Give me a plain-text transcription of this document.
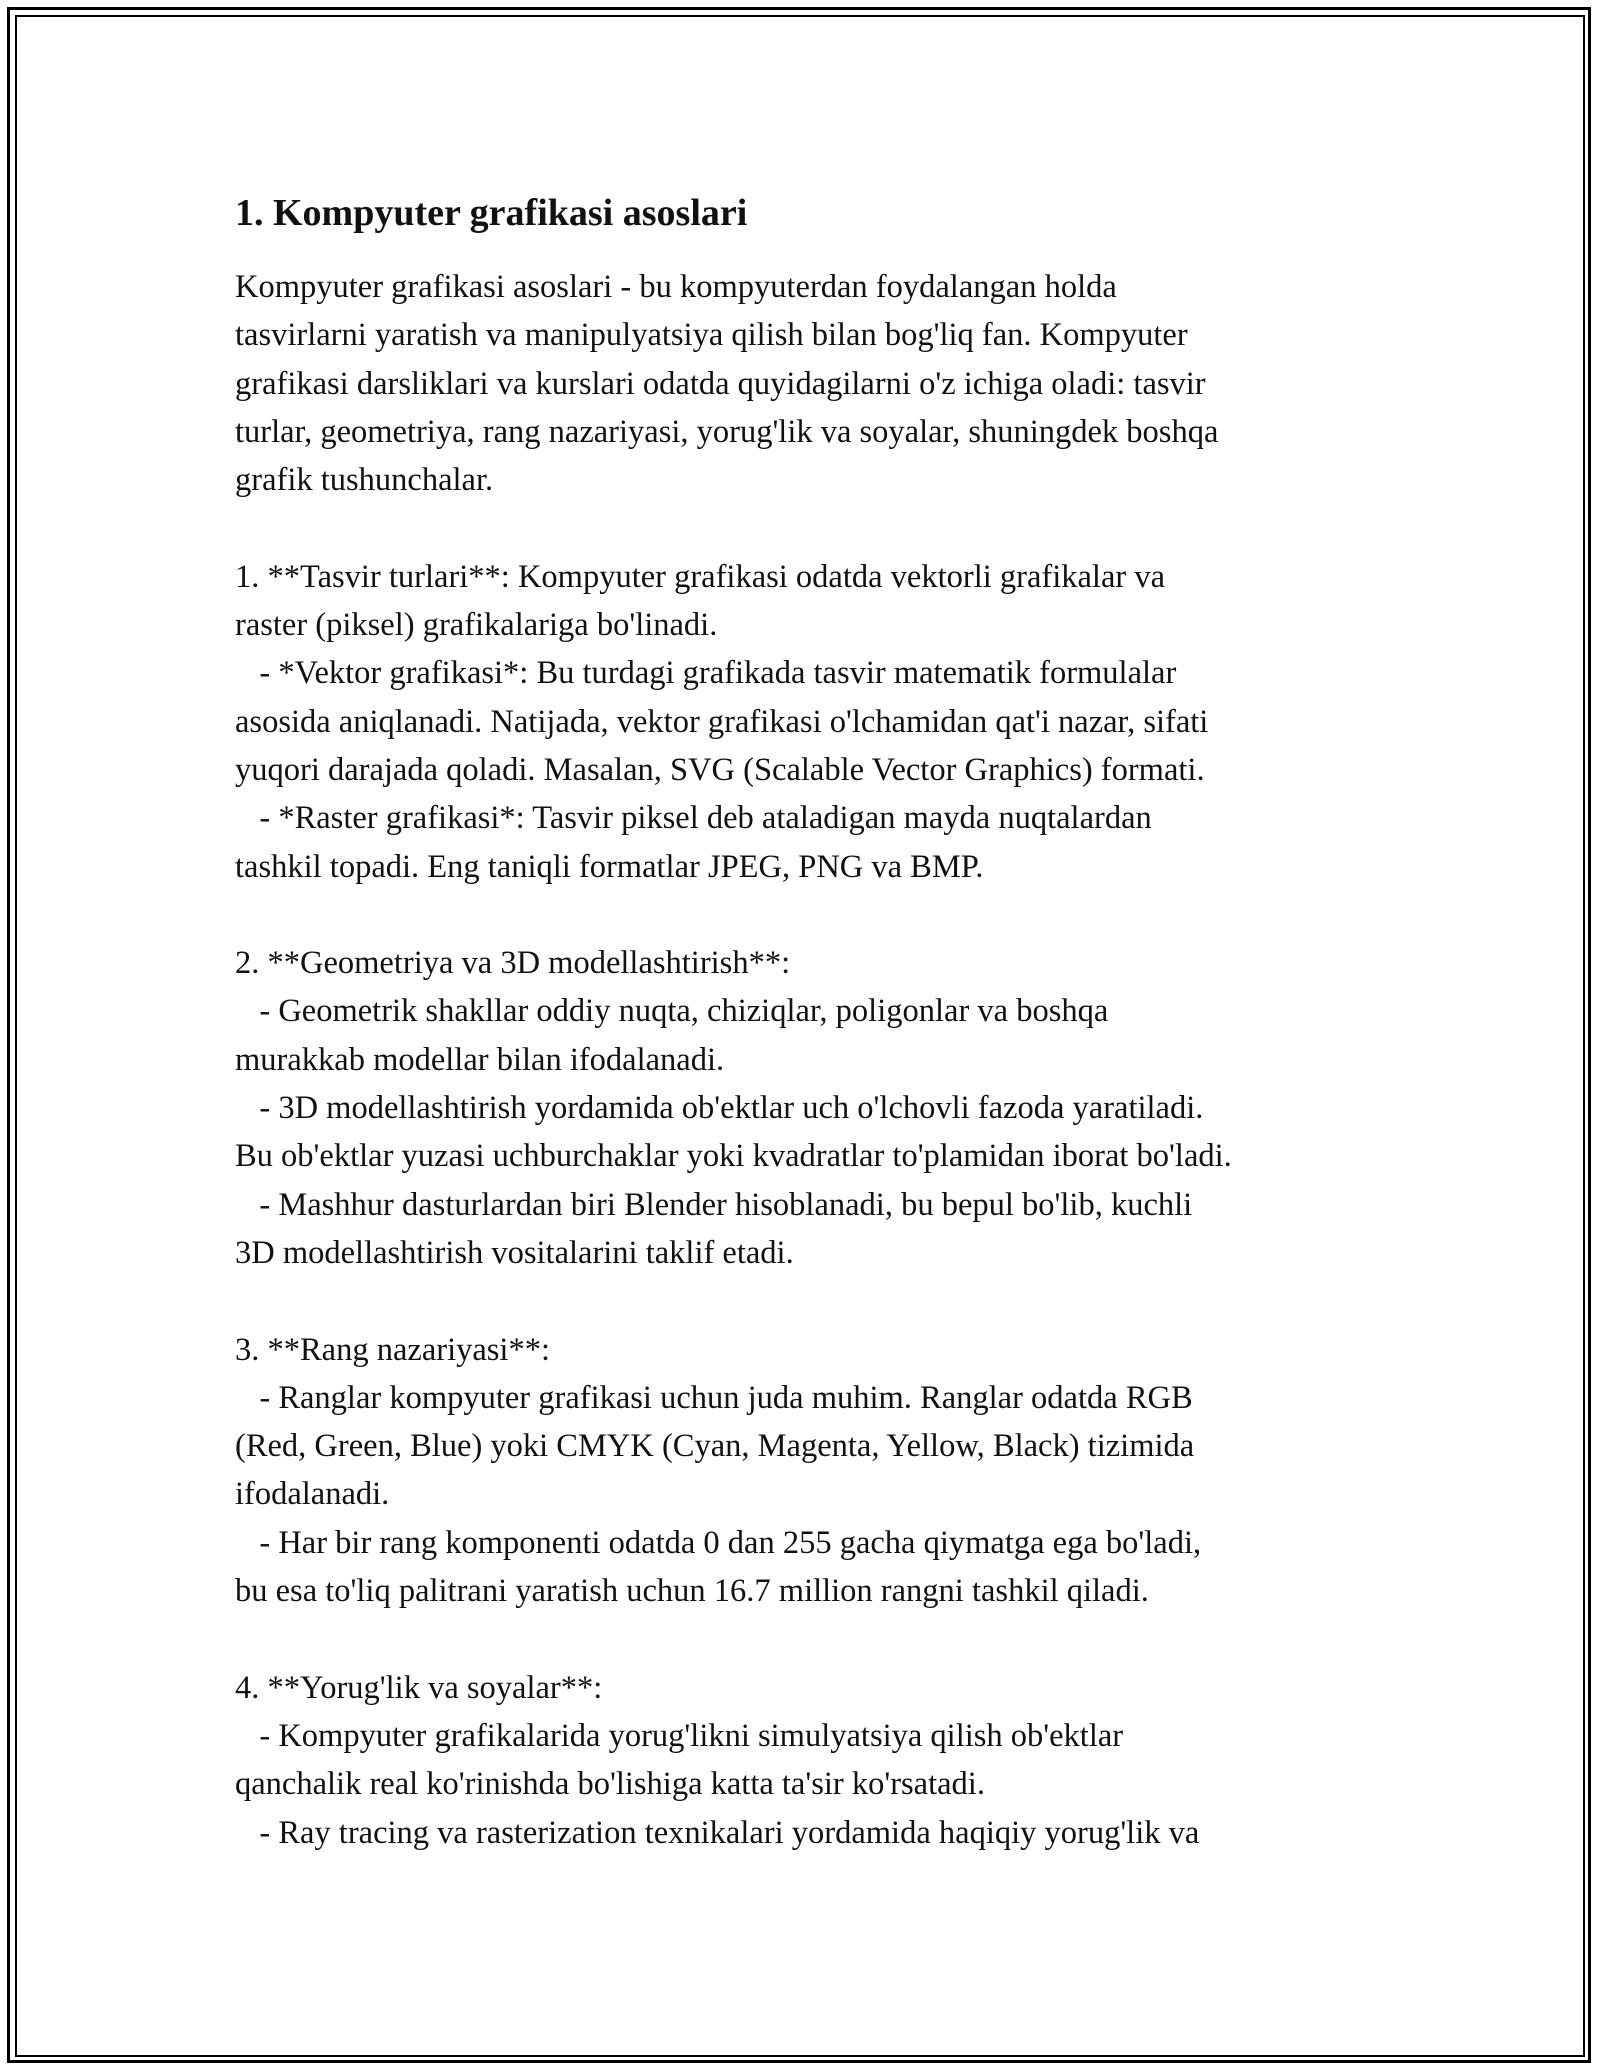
1. Kompyuter grafikasi asoslari
Kompyuter grafikasi asoslari - bu kompyuterdan foydalangan holda
tasvirlarni yaratish va manipulyatsiya qilish bilan bog'liq fan. Kompyuter
grafikasi darsliklari va kurslari odatda quyidagilarni o'z ichiga oladi: tasvir
turlar, geometriya, rang nazariyasi, yorug'lik va soyalar, shuningdek boshqa
grafik tushunchalar.
1. **Tasvir turlari**: Kompyuter grafikasi odatda vektorli grafikalar va
raster (piksel) grafikalariga bo'linadi.
- *Vektor grafikasi*: Bu turdagi grafikada tasvir matematik formulalar
asosida aniqlanadi. Natijada, vektor grafikasi o'lchamidan qat'i nazar, sifati
yuqori darajada qoladi. Masalan, SVG (Scalable Vector Graphics) formati.
- *Raster grafikasi*: Tasvir piksel deb ataladigan mayda nuqtalardan
tashkil topadi. Eng taniqli formatlar JPEG, PNG va BMP.
2. **Geometriya va 3D modellashtirish**:
- Geometrik shakllar oddiy nuqta, chiziqlar, poligonlar va boshqa
murakkab modellar bilan ifodalanadi.
- 3D modellashtirish yordamida ob'ektlar uch o'lchovli fazoda yaratiladi.
Bu ob'ektlar yuzasi uchburchaklar yoki kvadratlar to'plamidan iborat bo'ladi.
- Mashhur dasturlardan biri Blender hisoblanadi, bu bepul bo'lib, kuchli
3D modellashtirish vositalarini taklif etadi.
3. **Rang nazariyasi**:
- Ranglar kompyuter grafikasi uchun juda muhim. Ranglar odatda RGB
(Red, Green, Blue) yoki CMYK (Cyan, Magenta, Yellow, Black) tizimida
ifodalanadi.
- Har bir rang komponenti odatda 0 dan 255 gacha qiymatga ega bo'ladi,
bu esa to'liq palitrani yaratish uchun 16.7 million rangni tashkil qiladi.
4. **Yorug'lik va soyalar**:
- Kompyuter grafikalarida yorug'likni simulyatsiya qilish ob'ektlar
qanchalik real ko'rinishda bo'lishiga katta ta'sir ko'rsatadi.
- Ray tracing va rasterization texnikalari yordamida haqiqiy yorug'lik va
